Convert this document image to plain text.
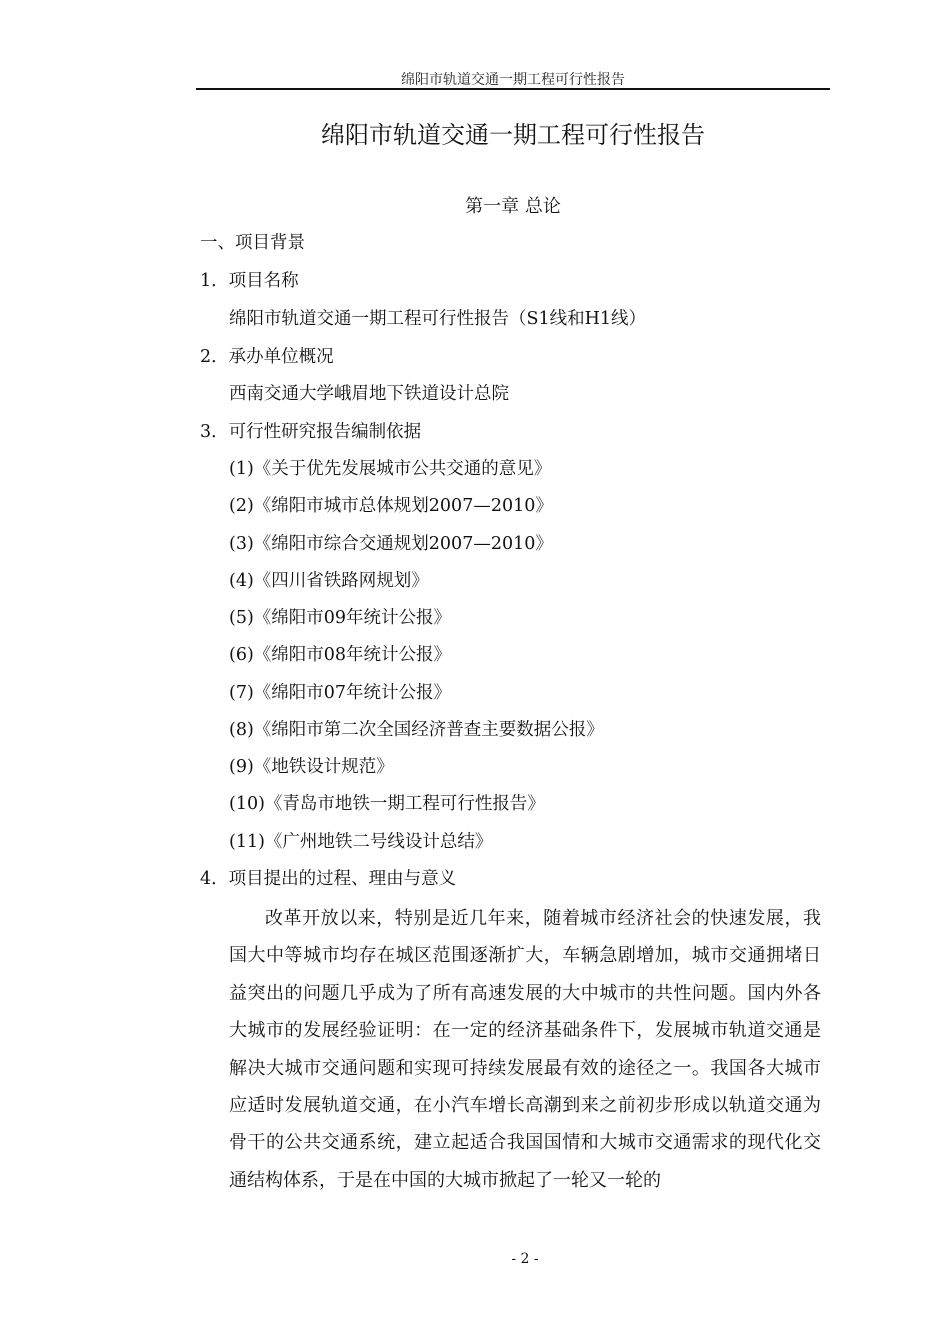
绵阳市轨道交通一期工程可行性报告
绵阳市轨道交通一期工程可行性报告
第一章 总论
一、项目背景
1．项目名称
绵阳市轨道交通一期工程可行性报告（S1线和H1线）
2．承办单位概况
西南交通大学峨眉地下铁道设计总院
3．可行性研究报告编制依据
(1)《关于优先发展城市公共交通的意见》
(2)《绵阳市城市总体规划2007—2010》
(3)《绵阳市综合交通规划2007—2010》
(4)《四川省铁路网规划》
(5)《绵阳市09年统计公报》
(6)《绵阳市08年统计公报》
(7)《绵阳市07年统计公报》
(8)《绵阳市第二次全国经济普查主要数据公报》
(9)《地铁设计规范》
(10)《青岛市地铁一期工程可行性报告》
(11)《广州地铁二号线设计总结》
4．项目提出的过程、理由与意义

改革开放以来，特别是近几年来，随着城市经济社会的快速发展，我国大中等城市均存在城区范围逐渐扩大，车辆急剧增加，城市交通拥堵日益突出的问题几乎成为了所有高速发展的大中城市的共性问题。国内外各大城市的发展经验证明：在一定的经济基础条件下，发展城市轨道交通是解决大城市交通问题和实现可持续发展最有效的途径之一。我国各大城市应适时发展轨道交通，在小汽车增长高潮到来之前初步形成以轨道交通为骨干的公共交通系统，建立起适合我国国情和大城市交通需求的现代化交通结构体系，于是在中国的大城市掀起了一轮又一轮的

- 2 -
